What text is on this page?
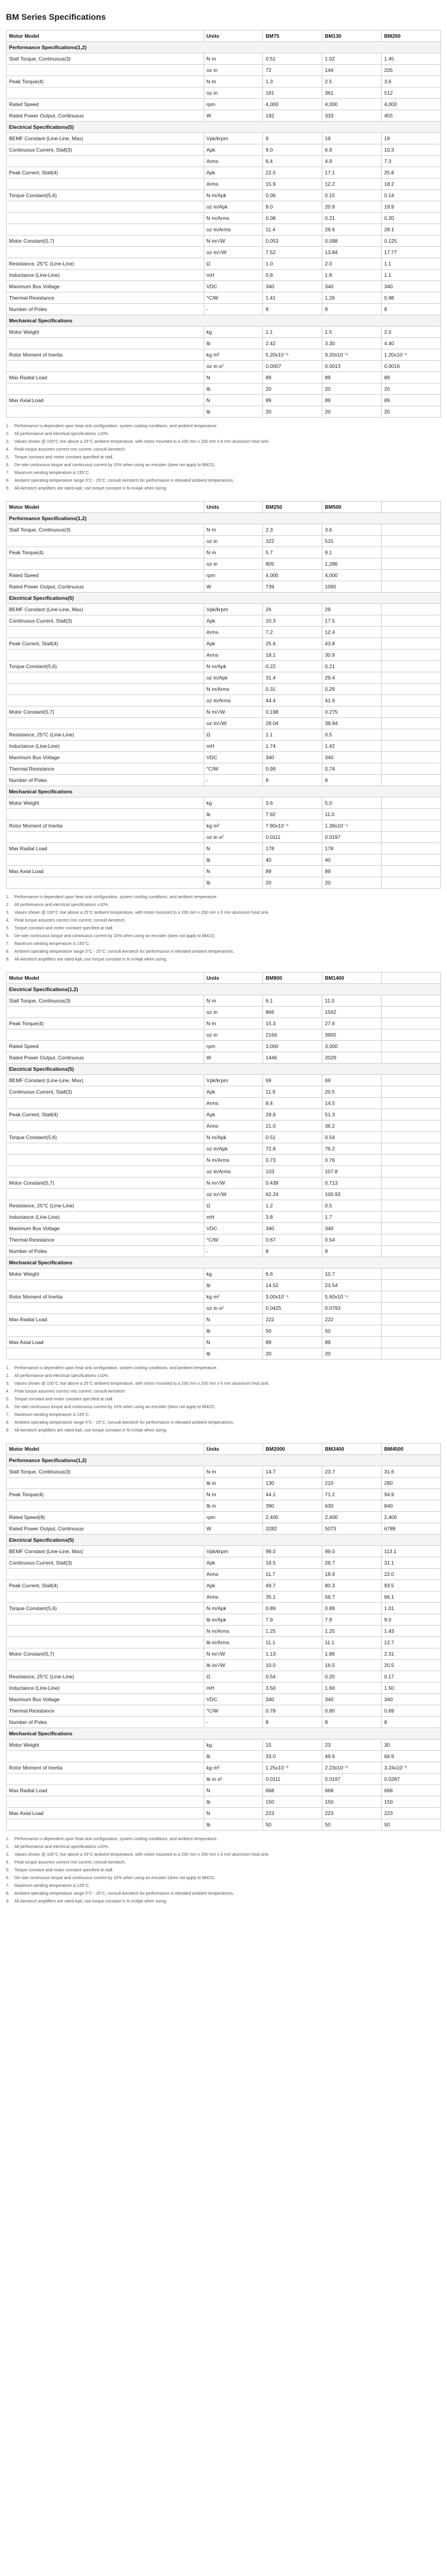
BM Series Specifications
Motor Model	Units	BM75	BM130	BM200
Performance Specifications(1,2)				
Stall Torque, Continuous(3)	N·m	0.51	1.02	1.45
	oz·in	72	144	205
Peak Torque(4)	N·m	1.3	2.5	3.6
	oz·in	181	361	512
Rated Speed	rpm	4,000	4,000	4,000
Rated Power Output, Continuous	W	192	333	455
Electrical Specifications(5)				
BEMF Constant (Line-Line, Max)	Vpk/krpm	9	19	19
Continuous Current, Stall(3)	Apk	9.0	6.9	10.3
	Arms	6.4	4.9	7.3
Peak Current, Stall(4)	Apk	22.5	17.1	25.8
	Arms	15.9	12.2	18.2
Torque Constant(5,6)	N·m/Apk	0.06	0.15	0.14
	oz·in/Apk	8.0	20.9	19.9
	N·m/Arms	0.08	0.21	0.20
	oz·in/Arms	11.4	29.6	28.1
Motor Constant(5,7)	N·m/√W	0.053	0.098	0.125
	oz·in/√W	7.52	13.84	17.77
Resistance, 25°C (Line-Line)	Ω	1.0	2.0	1.1
Inductance (Line-Line)	mH	0.8	1.8	1.1
Maximum Bus Voltage	VDC	340	340	340
Thermal Resistance	°C/W	1.41	1.26	0.98
Number of Poles	-	8	8	8
Mechanical Specifications				
Motor Weight	kg	1.1	1.5	2.0
	lb	2.42	3.30	4.40
Rotor Moment of Inertia	kg·m²	5.20x10⁻⁶	9.20x10⁻⁶	1.20x10⁻⁵
	oz·in·s²	0.0007	0.0013	0.0016
Max Radial Load	N	89	89	89
	lb	20	20	20
Max Axial Load	N	89	89	89
	lb	20	20	20
1. Performance is dependent upon heat sink configuration, system cooling conditions, and ambient temperature.
2. All performance and electrical specifications ±10%.
3. Values shown @ 100°C rise above a 25°C ambient temperature, with motor mounted to a 200 mm x 200 mm x 6 mm aluminum heat sink.
4. Peak torque assumes correct rms current; consult Aerotech.
5. Torque constant and motor constant specified at stall.
6. De-rate continuous torque and continuous current by 10% when using an encoder (does not apply to BM22).
7. Maximum winding temperature is 155°C.
8. Ambient operating temperature range 0°C - 25°C; consult Aerotech for performance in elevated ambient temperatures.
9. All Aerotech amplifiers are rated Apk; use torque constant in N·m/Apk when sizing.
Motor Model	Units	BM250	BM500	
Performance Specifications(1,2)				
Stall Torque, Continuous(3)	N·m	2.3	3.6	
	oz·in	322	515	
Peak Torque(4)	N·m	5.7	9.1	
	oz·in	805	1,286	
Rated Speed	rpm	4,000	4,000	
Rated Power Output, Continuous	W	739	1065	
Electrical Specifications(5)				
BEMF Constant (Line-Line, Max)	Vpk/krpm	26	29	
Continuous Current, Stall(3)	Apk	10.3	17.5	
	Arms	7.2	12.4	
Peak Current, Stall(4)	Apk	25.6	43.8	
	Arms	18.1	30.9	
Torque Constant(5,6)	N·m/Apk	0.22	0.21	
	oz·in/Apk	31.4	29.4	
	N·m/Arms	0.31	0.29	
	oz·in/Arms	44.4	41.6	
Motor Constant(5,7)	N·m/√W	0.198	0.275	
	oz·in/√W	28.04	38.94	
Resistance, 25°C (Line-Line)	Ω	1.1	0.5	
Inductance (Line-Line)	mH	1.74	1.42	
Maximum Bus Voltage	VDC	340	340	
Thermal Resistance	°C/W	0.99	0.74	
Number of Poles	-	8	8	
Mechanical Specifications				
Motor Weight	kg	3.6	5.0	
	lb	7.92	11.0	
Rotor Moment of Inertia	kg·m²	7.80x10⁻⁵	1.39x10⁻⁴	
	oz·in·s²	0.0111	0.0197	
Max Radial Load	N	178	178	
	lb	40	40	
Max Axial Load	N	89	89	
	lb	20	20	
1. Performance is dependent upon heat sink configuration, system cooling conditions, and ambient temperature.
2. All performance and electrical specifications ±10%.
3. Values shown @ 100°C rise above a 25°C ambient temperature, with motor mounted to a 200 mm x 200 mm x 6 mm aluminum heat sink.
4. Peak torque assumes correct rms current; consult Aerotech.
5. Torque constant and motor constant specified at stall.
6. De-rate continuous torque and continuous current by 10% when using an encoder (does not apply to BM22).
7. Maximum winding temperature is 155°C.
8. Ambient operating temperature range 0°C - 25°C; consult Aerotech for performance in elevated ambient temperatures.
9. All Aerotech amplifiers are rated Apk; use torque constant in N·m/Apk when sizing.
Motor Model	Units	BM800	BM1400	
Electrical Specifications(1,2)				
Stall Torque, Continuous(3)	N·m	6.1	11.0	
	oz·in	866	1562	
Peak Torque(4)	N·m	15.3	27.6	
	oz·in	2166	3905	
Rated Speed	rpm	3,000	3,000	
Rated Power Output, Continuous	W	1446	2029	
Electrical Specifications(5)				
BEMF Constant (Line-Line, Max)	Vpk/krpm	69	69	
Continuous Current, Stall(3)	Apk	11.9	20.5	
	Arms	8.4	14.5	
Peak Current, Stall(4)	Apk	29.8	51.3	
	Arms	21.0	36.2	
Torque Constant(5,6)	N·m/Apk	0.51	0.54	
	oz·in/Apk	72.8	76.2	
	N·m/Arms	0.73	0.76	
	oz·in/Arms	103	107.8	
Motor Constant(5,7)	N·m/√W	0.439	0.713	
	oz·in/√W	62.24	100.93	
Resistance, 25°C (Line-Line)	Ω	1.2	0.5	
Inductance (Line-Line)	mH	3.8	1.7	
Maximum Bus Voltage	VDC	340	340	
Thermal Resistance	°C/W	0.67	0.54	
Number of Poles	-	8	8	
Mechanical Specifications				
Motor Weight	kg	6.6	10.7	
	lb	14.52	23.54	
Rotor Moment of Inertia	kg·m²	3.00x10⁻⁴	5.60x10⁻⁴	
	oz·in·s²	0.0425	0.0793	
Max Radial Load	N	222	222	
	lb	50	50	
Max Axial Load	N	89	89	
	lb	20	20	
1. Performance is dependent upon heat sink configuration, system cooling conditions, and ambient temperature.
2. All performance and electrical specifications ±10%.
3. Values shown @ 100°C rise above a 25°C ambient temperature, with motor mounted to a 200 mm x 200 mm x 6 mm aluminum heat sink.
4. Peak torque assumes correct rms current; consult Aerotech.
5. Torque constant and motor constant specified at stall.
6. De-rate continuous torque and continuous current by 10% when using an encoder (does not apply to BM22).
7. Maximum winding temperature is 155°C.
8. Ambient operating temperature range 0°C - 25°C; consult Aerotech for performance in elevated ambient temperatures.
9. All Aerotech amplifiers are rated Apk; use torque constant in N·m/Apk when sizing.
Motor Model	Units	BM2000	BM3400	BM4500
Performance Specifications(1,2)				
Stall Torque, Continuous(3)	N·m	14.7	23.7	31.6
	lb·in	130	210	280
Peak Torque(4)	N·m	44.1	71.2	94.9
	lb·in	390	630	840
Rated Speed(8)	rpm	2,400	2,400	2,400
Rated Power Output, Continuous	W	3282	5073	6789
Electrical Specifications(5)				
BEMF Constant (Line-Line, Max)	Vpk/krpm	99.0	99.0	113.1
Continuous Current, Stall(3)	Apk	16.5	26.7	31.1
	Arms	11.7	18.9	22.0
Peak Current, Stall(4)	Apk	49.7	80.3	93.5
	Arms	35.1	56.7	66.1
Torque Constant(5,6)	N·m/Apk	0.89	0.89	1.01
	lb·in/Apk	7.9	7.9	9.0
	N·m/Arms	1.25	1.25	1.43
	lb·in/Arms	11.1	11.1	12.7
Motor Constant(5,7)	N·m/√W	1.13	1.86	2.31
	lb·in/√W	10.0	16.5	20.5
Resistance, 25°C (Line-Line)	Ω	0.54	0.20	0.17
Inductance (Line-Line)	mH	3.50	1.60	1.50
Maximum Bus Voltage	VDC	340	340	340
Thermal Resistance	°C/W	0.78	0.80	0.69
Number of Poles	-	8	8	8
Mechanical Specifications				
Motor Weight	kg	15	23	30
	lb	33.0	49.9	66.9
Rotor Moment of Inertia	kg·m²	1.25x10⁻³	2.23x10⁻³	3.24x10⁻³
	lb·in·s²	0.0111	0.0197	0.0287
Max Radial Load	N	668	668	668
	lb	150	150	150
Max Axial Load	N	223	223	223
	lb	50	50	50
1. Performance is dependent upon heat sink configuration, system cooling conditions, and ambient temperature.
2. All performance and electrical specifications ±10%.
3. Values shown @ 100°C rise above a 25°C ambient temperature, with motor mounted to a 200 mm x 200 mm x 6 mm aluminum heat sink.
4. Peak torque assumes correct rms current; consult Aerotech.
5. Torque constant and motor constant specified at stall.
6. De-rate continuous torque and continuous current by 10% when using an encoder (does not apply to BM22).
7. Maximum winding temperature is 155°C.
8. Ambient operating temperature range 0°C - 25°C; consult Aerotech for performance in elevated ambient temperatures.
9. All Aerotech amplifiers are rated Apk; use torque constant in N·m/Apk when sizing.
